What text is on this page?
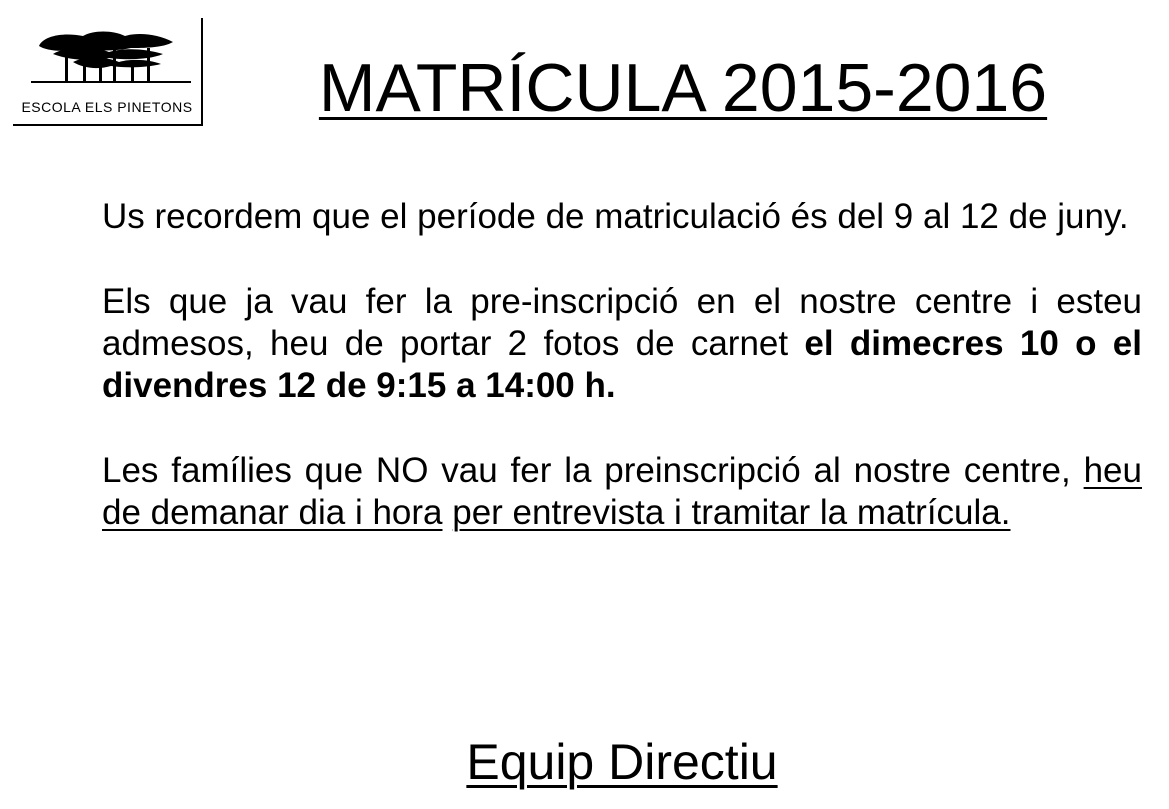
ESCOLA ELS PINETONS	MATRÍCULA 2015-2016

Us recordem que el període de matriculació és del 9 al 12 de juny.

Els que ja vau fer la pre-inscripció en el nostre centre i esteu admesos, heu de portar 2 fotos de carnet el dimecres 10 o el divendres 12 de 9:15 a 14:00 h.

Les famílies que NO vau fer la preinscripció al nostre centre, heu de demanar dia i hora per entrevista i tramitar la matrícula.

Equip Directiu
